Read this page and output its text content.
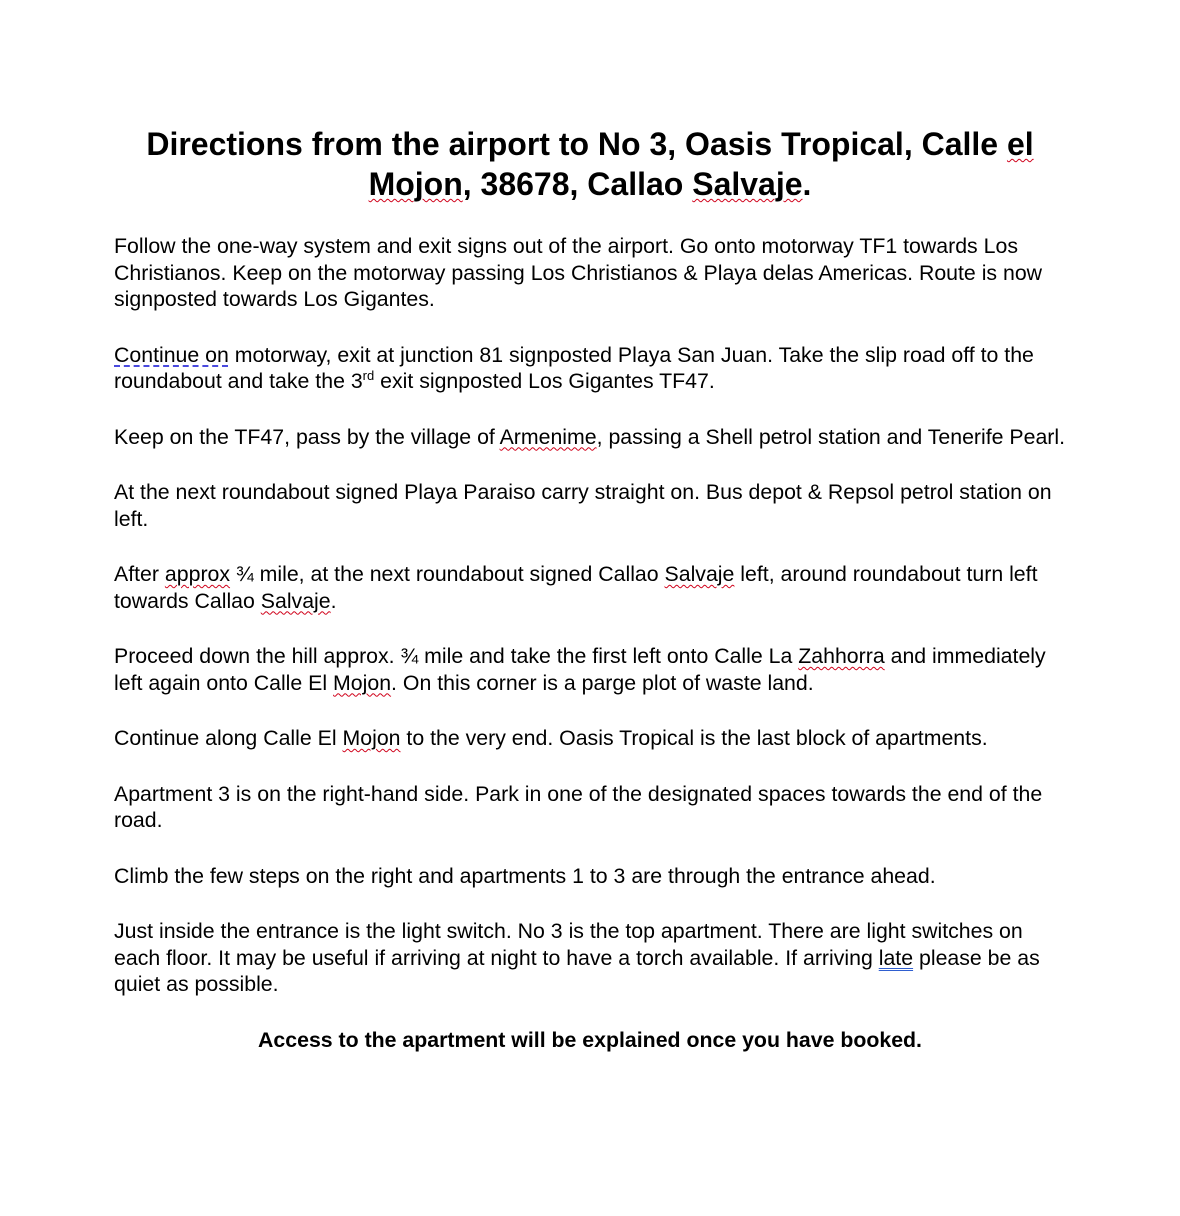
Directions from the airport to No 3, Oasis Tropical, Calle el Mojon, 38678, Callao Salvaje.

Follow the one-way system and exit signs out of the airport. Go onto motorway TF1 towards Los Christianos. Keep on the motorway passing Los Christianos & Playa delas Americas. Route is now signposted towards Los Gigantes.

Continue on motorway, exit at junction 81 signposted Playa San Juan. Take the slip road off to the roundabout and take the 3rd exit signposted Los Gigantes TF47.

Keep on the TF47, pass by the village of Armenime, passing a Shell petrol station and Tenerife Pearl.

At the next roundabout signed Playa Paraiso carry straight on. Bus depot & Repsol petrol station on left.

After approx ¾ mile, at the next roundabout signed Callao Salvaje left, around roundabout turn left towards Callao Salvaje.

Proceed down the hill approx. ¾ mile and take the first left onto Calle La Zahhorra and immediately left again onto Calle El Mojon. On this corner is a parge plot of waste land.

Continue along Calle El Mojon to the very end. Oasis Tropical is the last block of apartments.

Apartment 3 is on the right-hand side. Park in one of the designated spaces towards the end of the road.

Climb the few steps on the right and apartments 1 to 3 are through the entrance ahead.

Just inside the entrance is the light switch. No 3 is the top apartment. There are light switches on each floor. It may be useful if arriving at night to have a torch available. If arriving late please be as quiet as possible.

Access to the apartment will be explained once you have booked.
